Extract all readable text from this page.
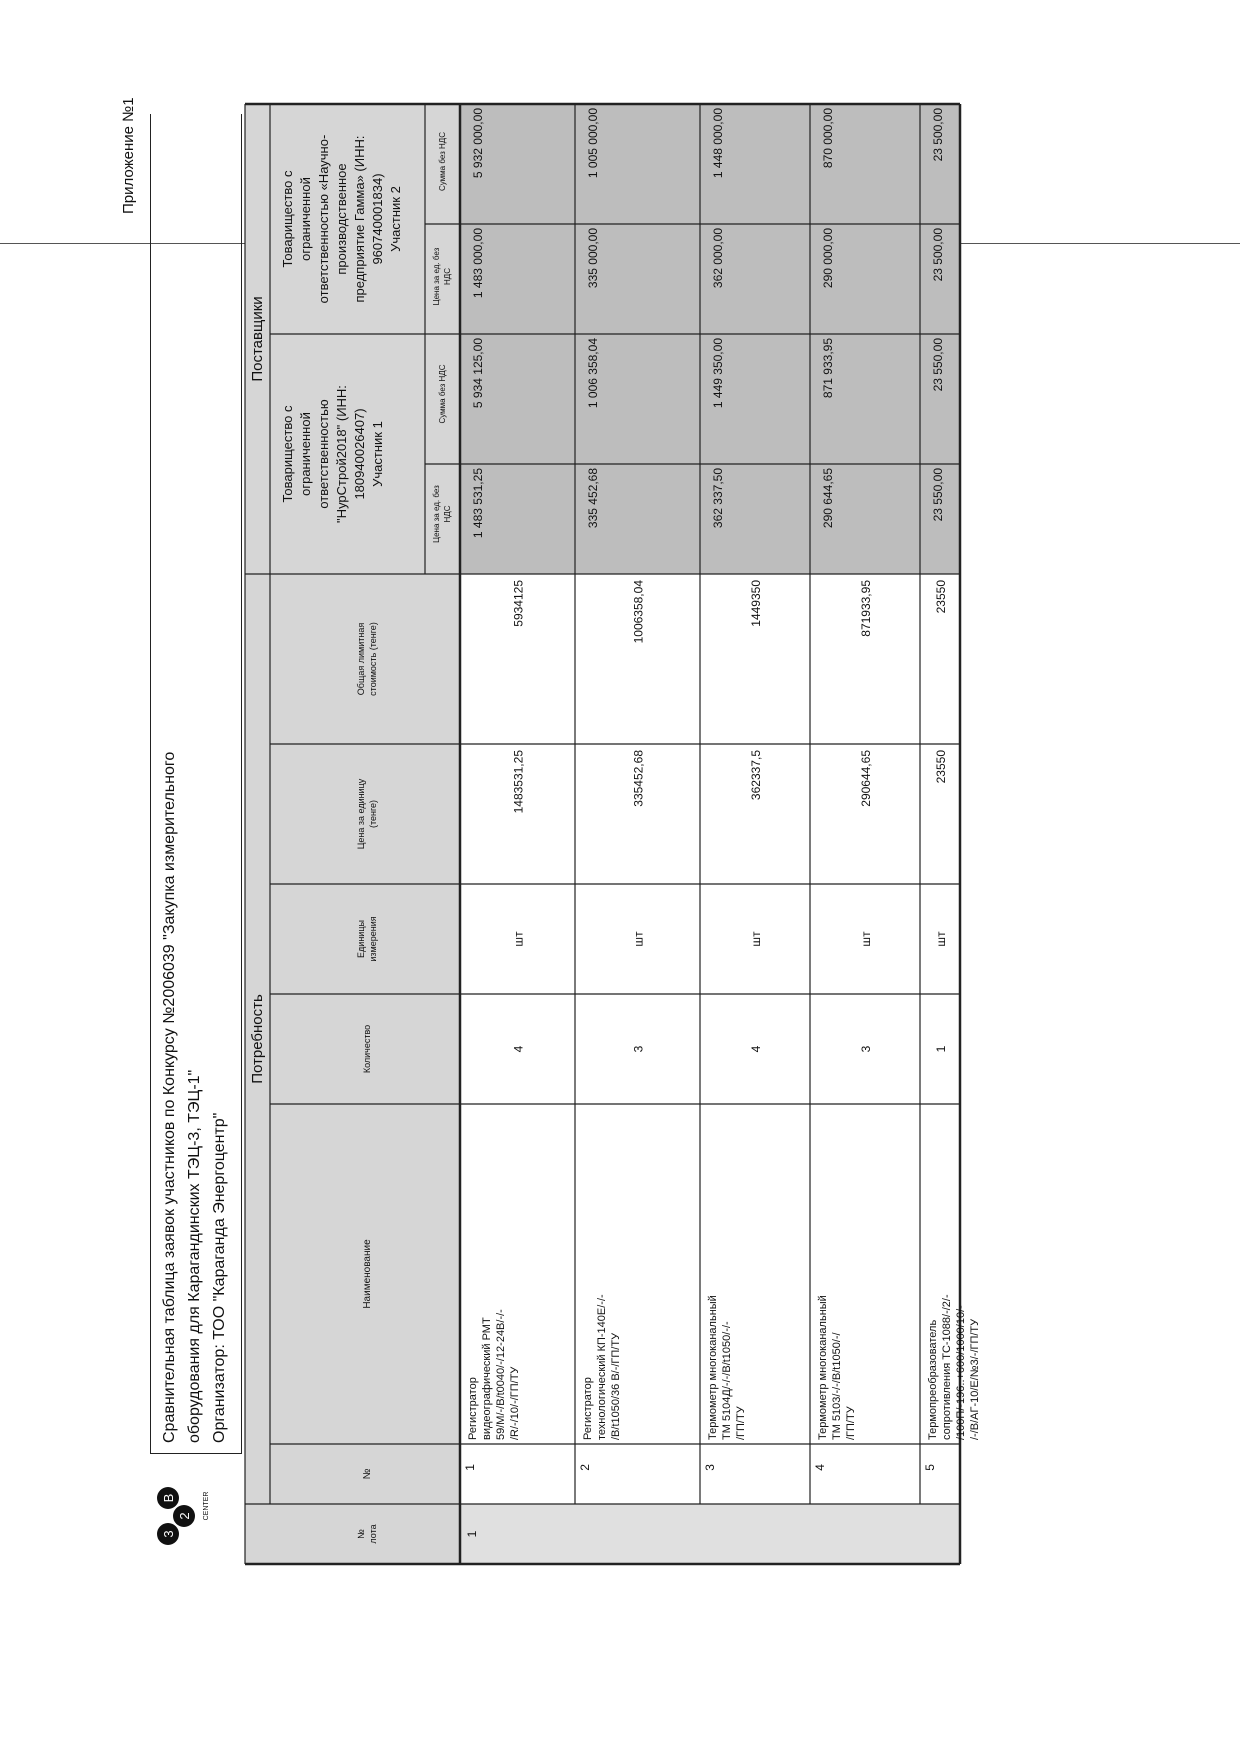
Приложение №1
3
2
B	CENTER
Сравнительная таблица заявок участников по Конкурсу №2006039 "Закупка измерительного оборудования для Карагандинских ТЭЦ-3, ТЭЦ-1" Организатор: ТОО "Караганда Энергоцентр"
Потребность
Поставщики
№ лота
№
Наименование
Количество
Единицы измерения
Цена за единицу (тенге)
Общая лимитная стоимость (тенге)
Товарищество с ограниченной ответственностью "НурСтрой2018" (ИНН: 180940026407) Участник 1
Цена за ед. без НДС
Сумма без НДС
Товарищество с ограниченной ответственностью «Научно- производственное предприятие Гамма» (ИНН: 960740001834) Участник 2
Цена за ед. без НДС
Сумма без НДС
1
1
Регистратор видеографический РМТ 59/М/-/В/t0040/-/12-24В/-/- /R/-/10/-/ГП/ТУ
4
шт
1483531,25
5934125
1 483 531,25
5 934 125,00
1 483 000,00
5 932 000,00
2
Регистратор технологический КП-140Е/-/- /В/t1050/36 В/-/ГП/ТУ
3
шт
335452,68
1006358,04
335 452,68
1 006 358,04
335 000,00
1 005 000,00
3
Термометр многоканальный ТМ 5104Д/-/-/В/t1050/-/- /ГП/ТУ
4
шт
362337,5
1449350
362 337,50
1 449 350,00
362 000,00
1 448 000,00
4
Термометр многоканальный ТМ 5103/-/-/В/t1050/-/ /ГП/ТУ
3
шт
290644,65
871933,95
290 644,65
871 933,95
290 000,00
870 000,00
5
Термопреобразователь сопротивления ТС-1088/-/2/- /100П/-196..+600/1000/10/- /-/В/АГ-10/Е/№3/-/ГП/ТУ
1
шт
23550
23550
23 550,00
23 550,00
23 500,00
23 500,00
